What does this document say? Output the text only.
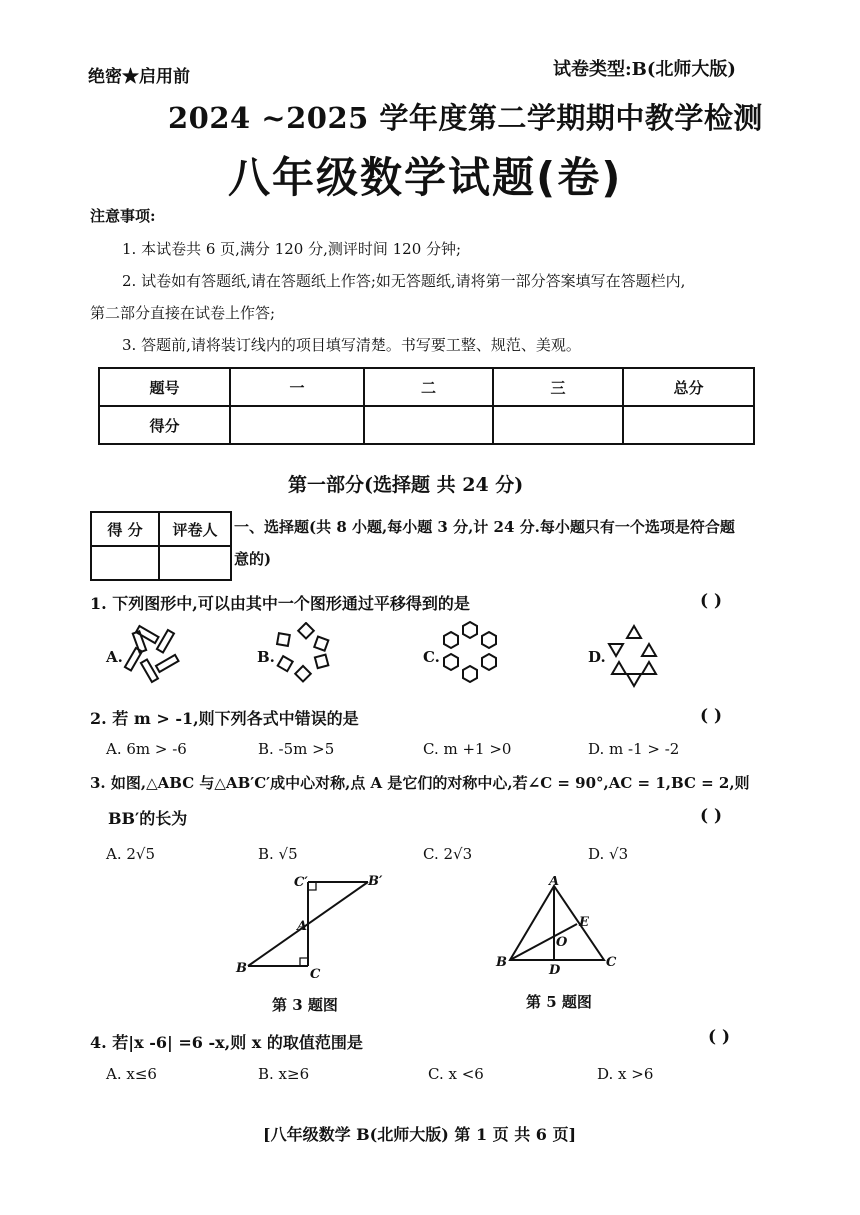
绝密★启用前	试卷类型:B(北师大版)
2024 ~2025 学年度第二学期期中教学检测
八年级数学试题(卷)
注意事项:
1. 本试卷共 6 页,满分 120 分,测评时间 120 分钟;
2. 试卷如有答题纸,请在答题纸上作答;如无答题纸,请将第一部分答案填写在答题栏内,
第二部分直接在试卷上作答;
3. 答题前,请将装订线内的项目填写清楚。书写要工整、规范、美观。
题号	一	二	三	总分
得分				
第一部分(选择题 共 24 分)
得 分	评卷人
	一、选择题(共 8 小题,每小题 3 分,计 24 分.每小题只有一个选项是符合题
意的)
1. 下列图形中,可以由其中一个图形通过平移得到的是	( )
A.	B.	C.	D.
2. 若 m > -1,则下列各式中错误的是	( )
A. 6m > -6	B. -5m >5	C. m +1 >0	D. m -1 > -2
3. 如图,△ABC 与△AB′C′成中心对称,点 A 是它们的对称中心,若∠C = 90°,AC = 1,BC = 2,则
BB′的长为	( )
A. 2√5	B. √5	C. 2√3	D. √3
C′	B′
A
B	C
第 3 题图
A
E
O
B
D
C
第 5 题图
4. 若|x -6| =6 -x,则 x 的取值范围是	( )
A. x≤6	B. x≥6	C. x <6	D. x >6
[八年级数学 B(北师大版) 第 1 页 共 6 页]
